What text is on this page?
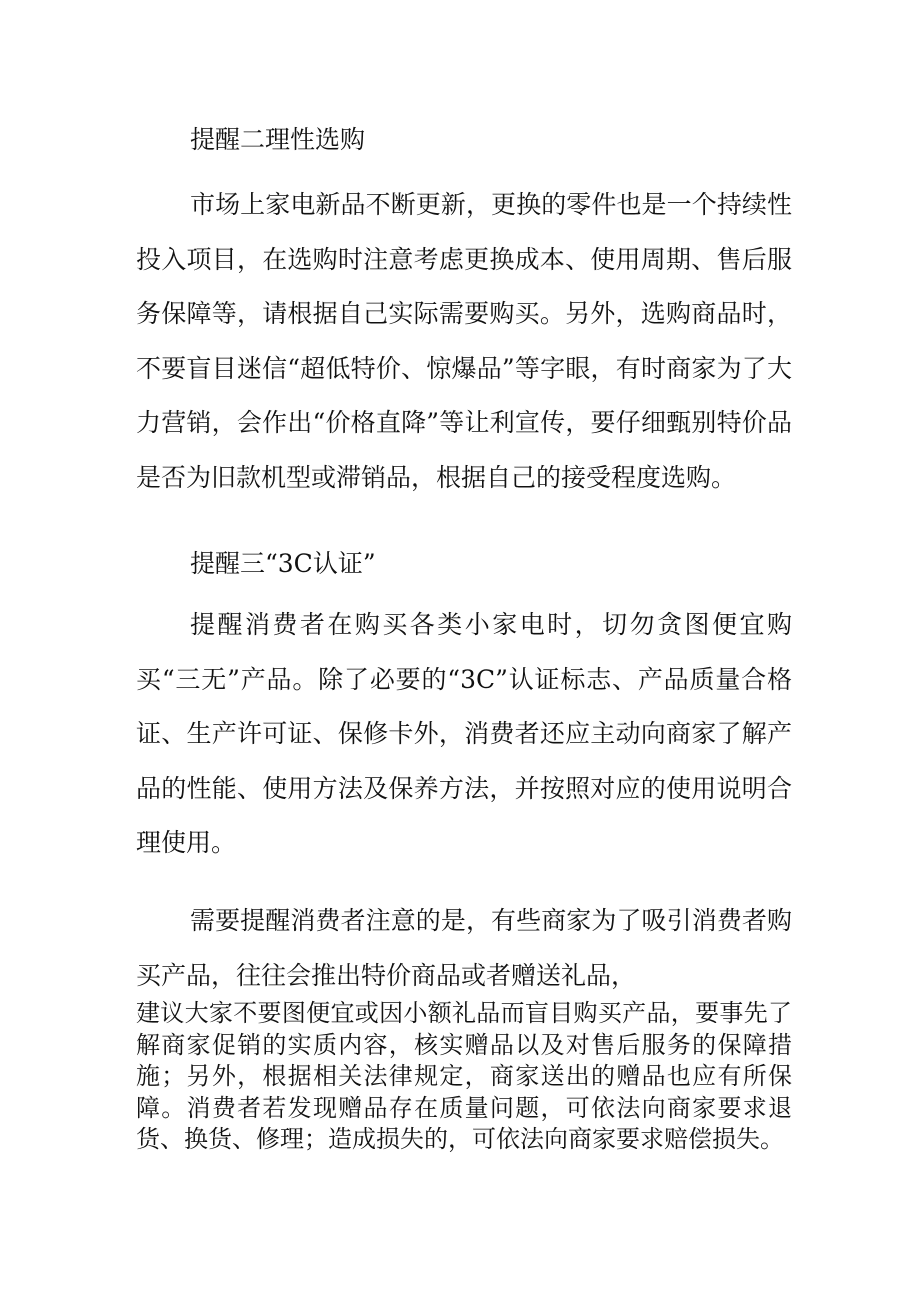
提醒二理性选购

市场上家电新品不断更新，更换的零件也是一个持续性投入项目，在选购时注意考虑更换成本、使用周期、售后服务保障等，请根据自己实际需要购买。另外，选购商品时，不要盲目迷信“超低特价、惊爆品”等字眼，有时商家为了大力营销，会作出“价格直降”等让利宣传，要仔细甄别特价品是否为旧款机型或滞销品，根据自己的接受程度选购。

提醒三“3C认证”

提醒消费者在购买各类小家电时，切勿贪图便宜购买“三无”产品。除了必要的“3C”认证标志、产品质量合格证、生产许可证、保修卡外，消费者还应主动向商家了解产品的性能、使用方法及保养方法，并按照对应的使用说明合理使用。

需要提醒消费者注意的是，有些商家为了吸引消费者购买产品，往往会推出特价商品或者赠送礼品，

建议大家不要图便宜或因小额礼品而盲目购买产品，要事先了解商家促销的实质内容，核实赠品以及对售后服务的保障措施；另外，根据相关法律规定，商家送出的赠品也应有所保障。消费者若发现赠品存在质量问题，可依法向商家要求退货、换货、修理；造成损失的，可依法向商家要求赔偿损失。
